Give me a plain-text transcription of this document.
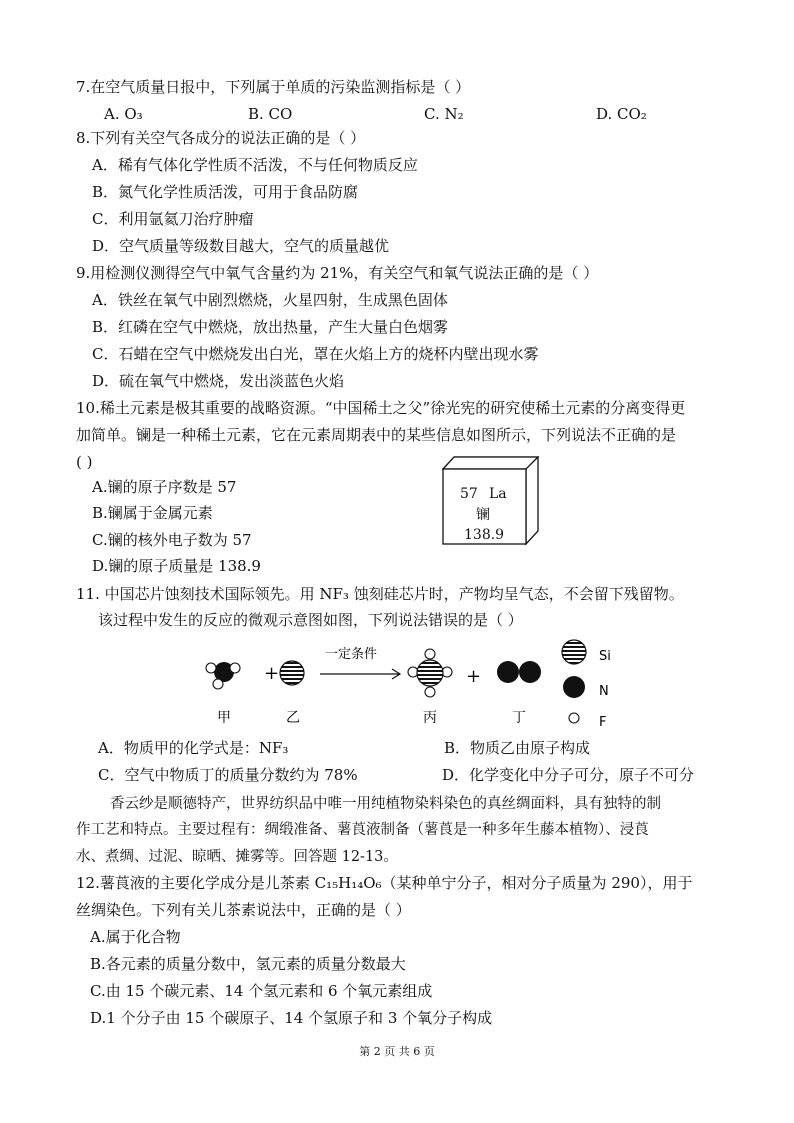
7.在空气质量日报中，下列属于单质的污染监测指标是（ ）
A. O₃	B. CO	C. N₂	D. CO₂
8.下列有关空气各成分的说法正确的是（ ）
A．稀有气体化学性质不活泼，不与任何物质反应
B．氮气化学性质活泼，可用于食品防腐
C．利用氩氦刀治疗肿瘤
D．空气质量等级数目越大，空气的质量越优
9.用检测仪测得空气中氧气含量约为 21%，有关空气和氧气说法正确的是（ ）
A．铁丝在氧气中剧烈燃烧，火星四射，生成黑色固体
B．红磷在空气中燃烧，放出热量，产生大量白色烟雾
C．石蜡在空气中燃烧发出白光，罩在火焰上方的烧杯内壁出现水雾
D．硫在氧气中燃烧，发出淡蓝色火焰
10.稀土元素是极其重要的战略资源。“中国稀土之父”徐光宪的研究使稀土元素的分离变得更
加简单。镧是一种稀土元素，它在元素周期表中的某些信息如图所示，下列说法不正确的是
( )
A.镧的原子序数是 57
B.镧属于金属元素
C.镧的核外电子数为 57
D.镧的原子质量是 138.9
57 La
镧
138.9
11. 中国芯片蚀刻技术国际领先。用 NF₃ 蚀刻硅芯片时，产物均呈气态，不会留下残留物。
该过程中发生的反应的微观示意图如图，下列说法错误的是（ ）
+
一定条件
+
Si
N
F
甲	乙	丙	丁
A．物质甲的化学式是：NF₃	B．物质乙由原子构成
C．空气中物质丁的质量分数约为 78%	D．化学变化中分子可分，原子不可分
香云纱是顺德特产，世界纺织品中唯一用纯植物染料染色的真丝绸面料，具有独特的制
作工艺和特点。主要过程有：绸缎准备、薯莨液制备（薯莨是一种多年生藤本植物）、浸莨
水、煮绸、过泥、晾晒、摊雾等。回答题 12-13。
12.薯莨液的主要化学成分是儿茶素 C₁₅H₁₄O₆（某种单宁分子，相对分子质量为 290），用于
丝绸染色。下列有关儿茶素说法中，正确的是（ ）
A.属于化合物
B.各元素的质量分数中，氢元素的质量分数最大
C.由 15 个碳元素、14 个氢元素和 6 个氧元素组成
D.1 个分子由 15 个碳原子、14 个氢原子和 3 个氧分子构成
第 2 页 共 6 页
